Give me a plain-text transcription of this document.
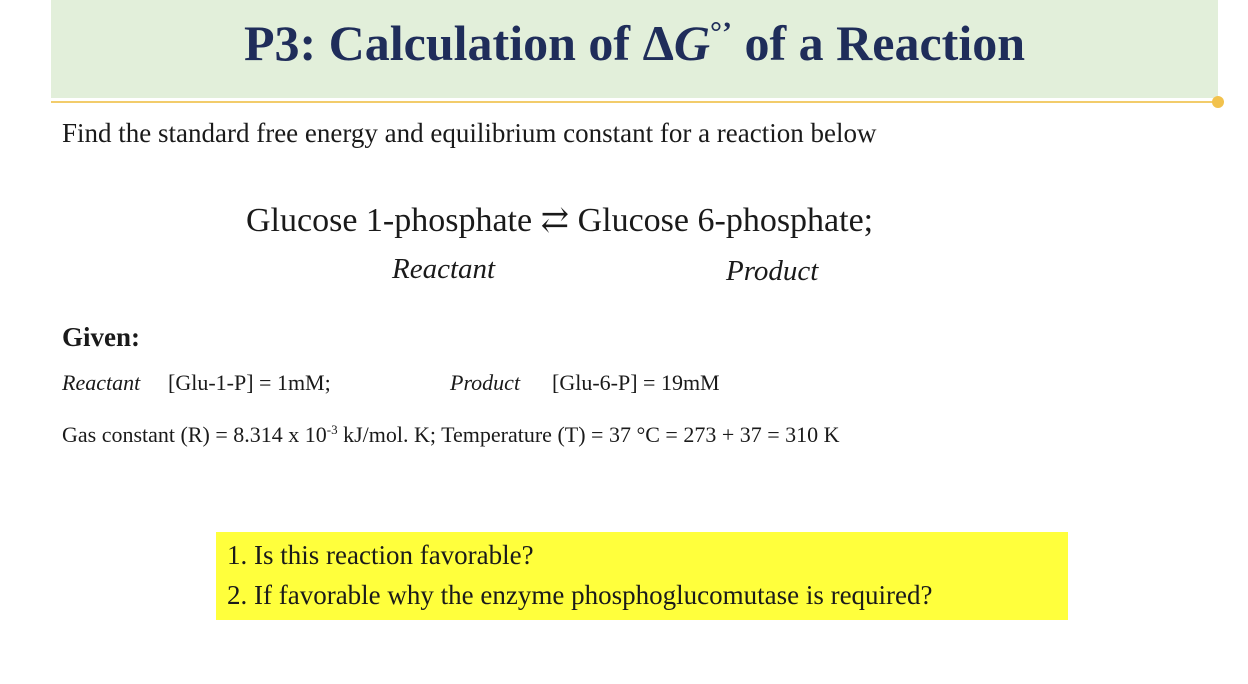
P3: Calculation of ΔG°’ of a Reaction
Find the standard free energy and equilibrium constant for a reaction below
Glucose 1-phosphate ⇄ Glucose 6-phosphate;
Reactant	Product
Given:
Reactant [Glu-1-P] = 1mM;	Product [Glu-6-P] = 19mM
Gas constant (R) = 8.314 x $10^{-3}$ kJ/mol. K; Temperature (T) = 37 °C = 273 + 37 = 310 K
1. Is this reaction favorable?
2. If favorable why the enzyme phosphoglucomutase is required?
